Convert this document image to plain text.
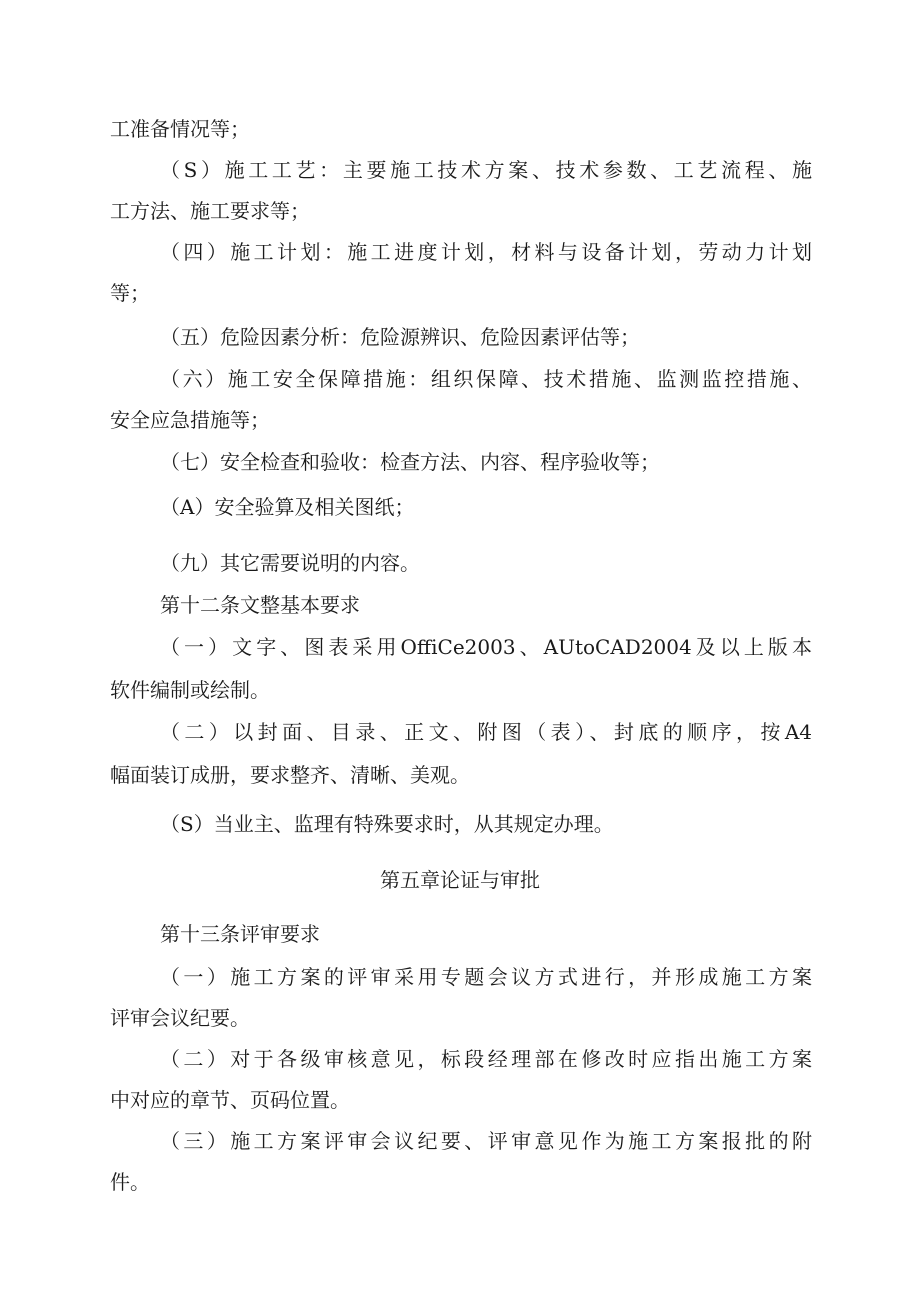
工准备情况等；
（S）施工工艺：主要施工技术方案、技术参数、工艺流程、施
工方法、施工要求等；
（四）施工计划：施工进度计划，材料与设备计划，劳动力计划
等；
（五）危险因素分析：危险源辨识、危险因素评估等；
（六）施工安全保障措施：组织保障、技术措施、监测监控措施、
安全应急措施等；
（七）安全检查和验收：检查方法、内容、程序验收等；
（A）安全验算及相关图纸；
（九）其它需要说明的内容。
第十二条文整基本要求
（一）文字、图表采用OffiCe2003、AUtoCAD2004及以上版本
软件编制或绘制。
（二）以封面、目录、正文、附图（表）、封底的顺序，按A4
幅面装订成册，要求整齐、清晰、美观。
（S）当业主、监理有特殊要求时，从其规定办理。
第五章论证与审批
第十三条评审要求
（一）施工方案的评审采用专题会议方式进行，并形成施工方案
评审会议纪要。
（二）对于各级审核意见，标段经理部在修改时应指出施工方案
中对应的章节、页码位置。
（三）施工方案评审会议纪要、评审意见作为施工方案报批的附
件。
